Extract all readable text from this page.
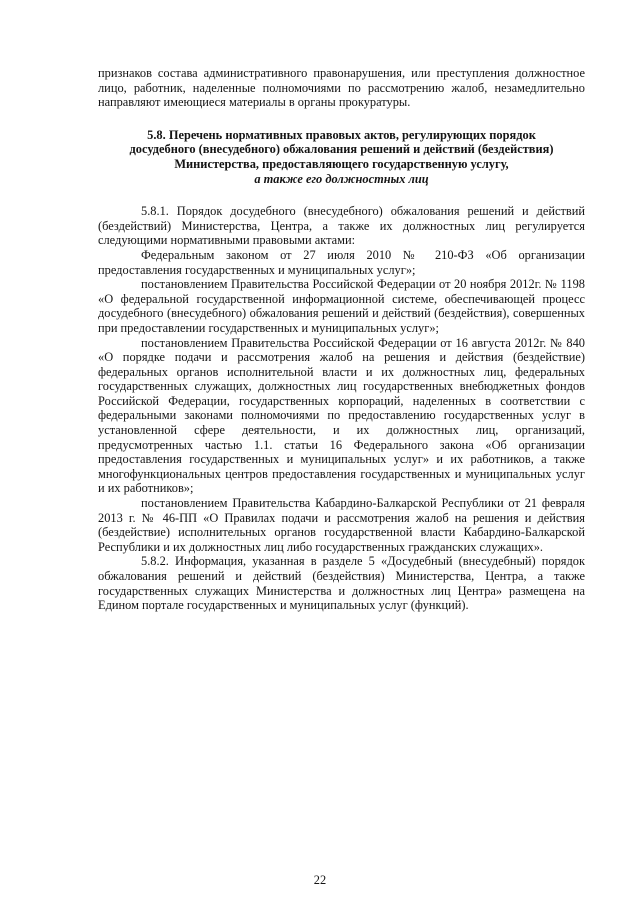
признаков состава административного правонарушения, или преступления должностное лицо, работник, наделенные полномочиями по рассмотрению жалоб, незамедлительно направляют имеющиеся материалы в органы прокуратуры.

5.8. Перечень нормативных правовых актов, регулирующих порядок
досудебного (внесудебного) обжалования решений и действий (бездействия)
Министерства, предоставляющего государственную услугу,
а также его должностных лиц

5.8.1. Порядок досудебного (внесудебного) обжалования решений и действий (бездействий) Министерства, Центра, а также их должностных лиц регулируется следующими нормативными правовыми актами:

Федеральным законом от 27 июля 2010 № 210-ФЗ «Об организации предоставления государственных и муниципальных услуг»;

постановлением Правительства Российской Федерации от 20 ноября 2012г. № 1198 «О федеральной государственной информационной системе, обеспечивающей процесс досудебного (внесудебного) обжалования решений и действий (бездействия), совершенных при предоставлении государственных и муниципальных услуг»;

постановлением Правительства Российской Федерации от 16 августа 2012г. № 840 «О порядке подачи и рассмотрения жалоб на решения и действия (бездействие) федеральных органов исполнительной власти и их должностных лиц, федеральных государственных служащих, должностных лиц государственных внебюджетных фондов Российской Федерации, государственных корпораций, наделенных в соответствии с федеральными законами полномочиями по предоставлению государственных услуг в установленной сфере деятельности, и их должностных лиц, организаций, предусмотренных частью 1.1. статьи 16 Федерального закона «Об организации предоставления государственных и муниципальных услуг» и их работников, а также многофункциональных центров предоставления государственных и муниципальных услуг и их работников»;

постановлением Правительства Кабардино-Балкарской Республики от 21 февраля 2013 г. № 46-ПП «О Правилах подачи и рассмотрения жалоб на решения и действия (бездействие) исполнительных органов государственной власти Кабардино-Балкарской Республики и их должностных лиц либо государственных гражданских служащих».

5.8.2. Информация, указанная в разделе 5 «Досудебный (внесудебный) порядок обжалования решений и действий (бездействия) Министерства, Центра, а также государственных служащих Министерства и должностных лиц Центра» размещена на Едином портале государственных и муниципальных услуг (функций).

22
